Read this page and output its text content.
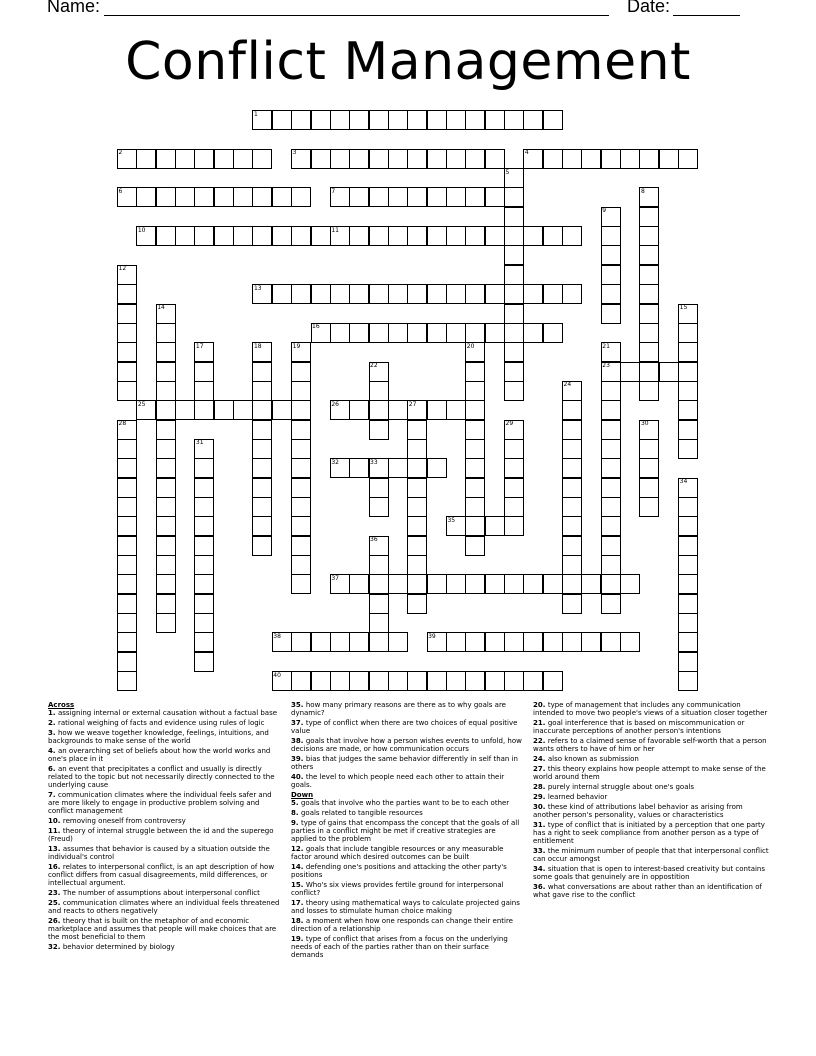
Name:	Date:
Conflict Management
1
2	3	4
5
6	7	8
9
10	11
12
13
14	15
16
17	18	19	20	21
22	23
24
25	26	27
28	29	30
31
32	33
34
35
36
37
38	39
40
Across
1. assigning internal or external causation without a factual base
2. rational weighing of facts and evidence using rules of logic
3. how we weave together knowledge, feelings, intuitions, and backgrounds to make sense of the world
4. an overarching set of beliefs about how the world works and one's place in it
6. an event that precipitates a conflict and usually is directly related to the topic but not necessarily directly connected to the underlying cause
7. communication climates where the individual feels safer and are more likely to engage in productive problem solving and conflict management
10. removing oneself from controversy
11. theory of internal struggle between the id and the superego (Freud)
13. assumes that behavior is caused by a situation outside the individual's control
16. relates to interpersonal conflict, is an apt description of how conflict differs from casual disagreements, mild differences, or intellectual argument.
23. The number of assumptions about interpersonal conflict
25. communication climates where an individual feels threatened and reacts to others negatively
26. theory that is built on the metaphor of and economic marketplace and assumes that people will make choices that are the most beneficial to them
32. behavior determined by biology
35. how many primary reasons are there as to why goals are dynamic?
37. type of conflict when there are two choices of equal positive value
38. goals that involve how a person wishes events to unfold, how decisions are made, or how communication occurs
39. bias that judges the same behavior differently in self than in others
40. the level to which people need each other to attain their goals.
Down
5. goals that involve who the parties want to be to each other
8. goals related to tangible resources
9. type of gains that encompass the concept that the goals of all parties in a conflict might be met if creative strategies are applied to the problem
12. goals that include tangible resources or any measurable factor around which desired outcomes can be built
14. defending one's positions and attacking the other party's positions
15. Who's six views provides fertile ground for interpersonal conflict?
17. theory using mathematical ways to calculate projected gains and losses to stimulate human choice making
18. a moment when how one responds can change their entire direction of a relationship
19. type of conflict that arises from a focus on the underlying needs of each of the parties rather than on their surface demands
20. type of management that includes any communication intended to move two people's views of a situation closer together
21. goal interference that is based on miscommunication or inaccurate perceptions of another person's intentions
22. refers to a claimed sense of favorable self-worth that a person wants others to have of him or her
24. also known as submission
27. this theory explains how people attempt to make sense of the world around them
28. purely internal struggle about one's goals
29. learned behavior
30. these kind of attributions label behavior as arising from another person's personality, values or characteristics
31. type of conflict that is initiated by a perception that one party has a right to seek compliance from another person as a type of entitlement
33. the minimum number of people that that interpersonal conflict can occur amongst
34. situation that is open to interest-based creativity but contains some goals that genuinely are in oppostition
36. what conversations are about rather than an identification of what gave rise to the conflict
